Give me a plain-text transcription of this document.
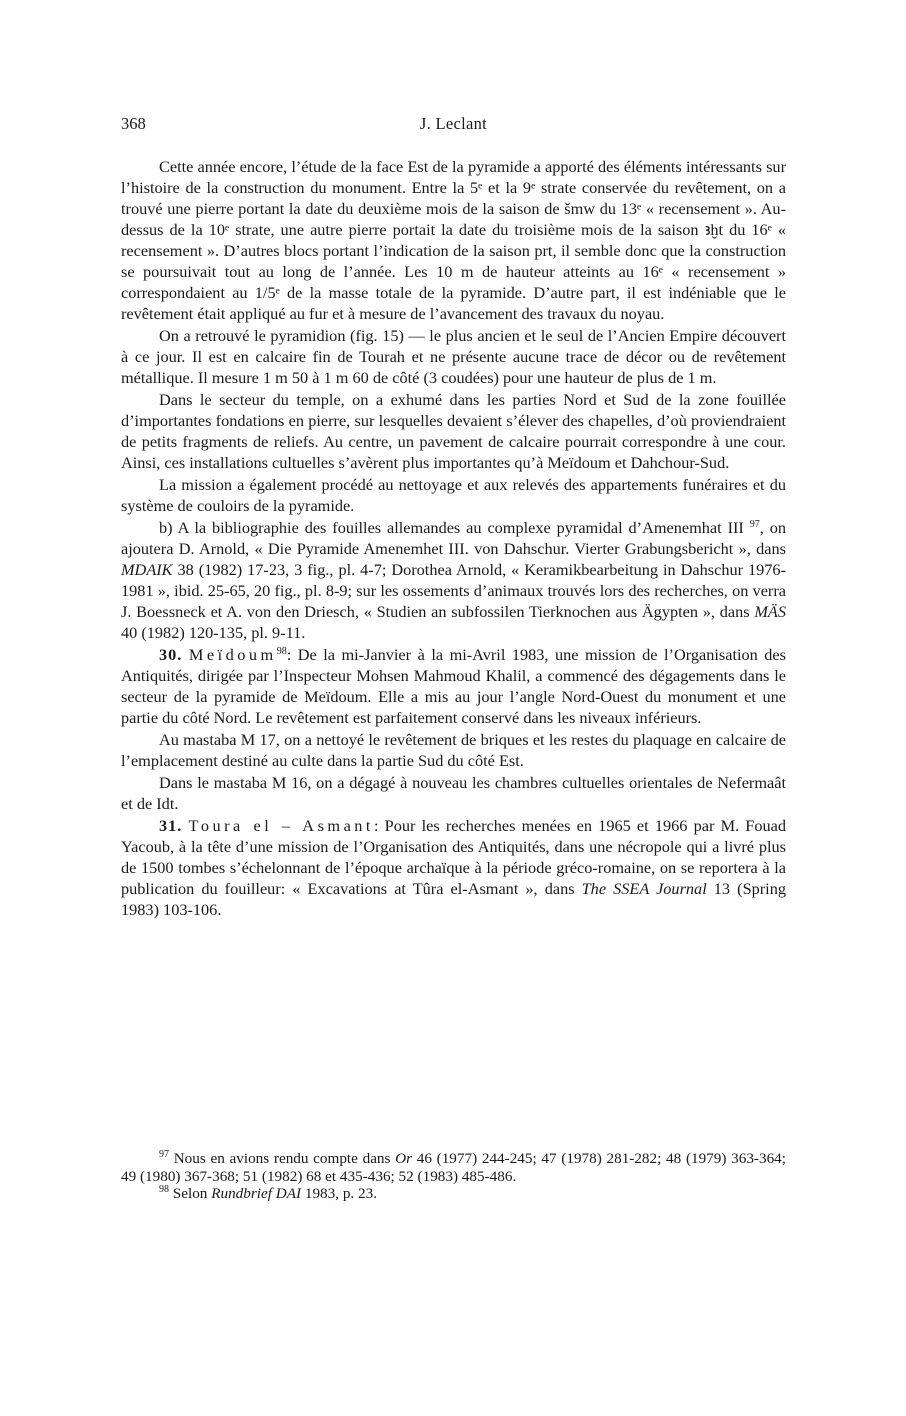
368	J. Leclant

Cette année encore, l’étude de la face Est de la pyramide a apporté des éléments intéressants sur l’histoire de la construction du monument. Entre la 5ᵉ et la 9ᵉ strate conservée du revêtement, on a trouvé une pierre portant la date du deuxième mois de la saison de šmw du 13ᵉ « recensement ». Au-dessus de la 10ᵉ strate, une autre pierre portait la date du troisième mois de la saison ꜣḫt du 16ᵉ « recensement ». D’autres blocs portant l’indication de la saison prt, il semble donc que la construction se poursuivait tout au long de l’année. Les 10 m de hauteur atteints au 16ᵉ « recensement » correspondaient au 1/5ᵉ de la masse totale de la pyramide. D’autre part, il est indéniable que le revêtement était appliqué au fur et à mesure de l’avancement des travaux du noyau.

On a retrouvé le pyramidion (fig. 15) — le plus ancien et le seul de l’Ancien Empire découvert à ce jour. Il est en calcaire fin de Tourah et ne présente aucune trace de décor ou de revêtement métallique. Il mesure 1 m 50 à 1 m 60 de côté (3 coudées) pour une hauteur de plus de 1 m.

Dans le secteur du temple, on a exhumé dans les parties Nord et Sud de la zone fouillée d’importantes fondations en pierre, sur lesquelles devaient s’élever des chapelles, d’où proviendraient de petits fragments de reliefs. Au centre, un pavement de calcaire pourrait correspondre à une cour. Ainsi, ces installations cultuelles s’avèrent plus importantes qu’à Meïdoum et Dahchour-Sud.

La mission a également procédé au nettoyage et aux relevés des appartements funéraires et du système de couloirs de la pyramide.

b) A la bibliographie des fouilles allemandes au complexe pyramidal d’Amenemhat III $^{97}$, on ajoutera D. Arnold, « Die Pyramide Amenemhet III. von Dahschur. Vierter Grabungsbericht », dans MDAIK 38 (1982) 17-23, 3 fig., pl. 4-7; Dorothea Arnold, « Keramikbearbeitung in Dahschur 1976-1981 », ibid. 25-65, 20 fig., pl. 8-9; sur les ossements d’animaux trouvés lors des recherches, on verra J. Boessneck et A. von den Driesch, « Studien an subfossilen Tierknochen aus Ägypten », dans MÄS 40 (1982) 120-135, pl. 9-11.

30. Meïdoum$^{98}$: De la mi-Janvier à la mi-Avril 1983, une mission de l’Organisation des Antiquités, dirigée par l’Inspecteur Mohsen Mahmoud Khalil, a commencé des dégagements dans le secteur de la pyramide de Meïdoum. Elle a mis au jour l’angle Nord-Ouest du monument et une partie du côté Nord. Le revêtement est parfaitement conservé dans les niveaux inférieurs.

Au mastaba M 17, on a nettoyé le revêtement de briques et les restes du plaquage en calcaire de l’emplacement destiné au culte dans la partie Sud du côté Est.

Dans le mastaba M 16, on a dégagé à nouveau les chambres cultuelles orientales de Nefermaât et de Idt.

31. Toura el – Asmant: Pour les recherches menées en 1965 et 1966 par M. Fouad Yacoub, à la tête d’une mission de l’Organisation des Antiquités, dans une nécropole qui a livré plus de 1500 tombes s’échelonnant de l’époque archaïque à la période gréco-romaine, on se reportera à la publication du fouilleur: « Excavations at Tûra el-Asmant », dans The SSEA Journal 13 (Spring 1983) 103-106.

$^{97}$ Nous en avions rendu compte dans Or 46 (1977) 244-245; 47 (1978) 281-282; 48 (1979) 363-364; 49 (1980) 367-368; 51 (1982) 68 et 435-436; 52 (1983) 485-486.

$^{98}$ Selon Rundbrief DAI 1983, p. 23.
